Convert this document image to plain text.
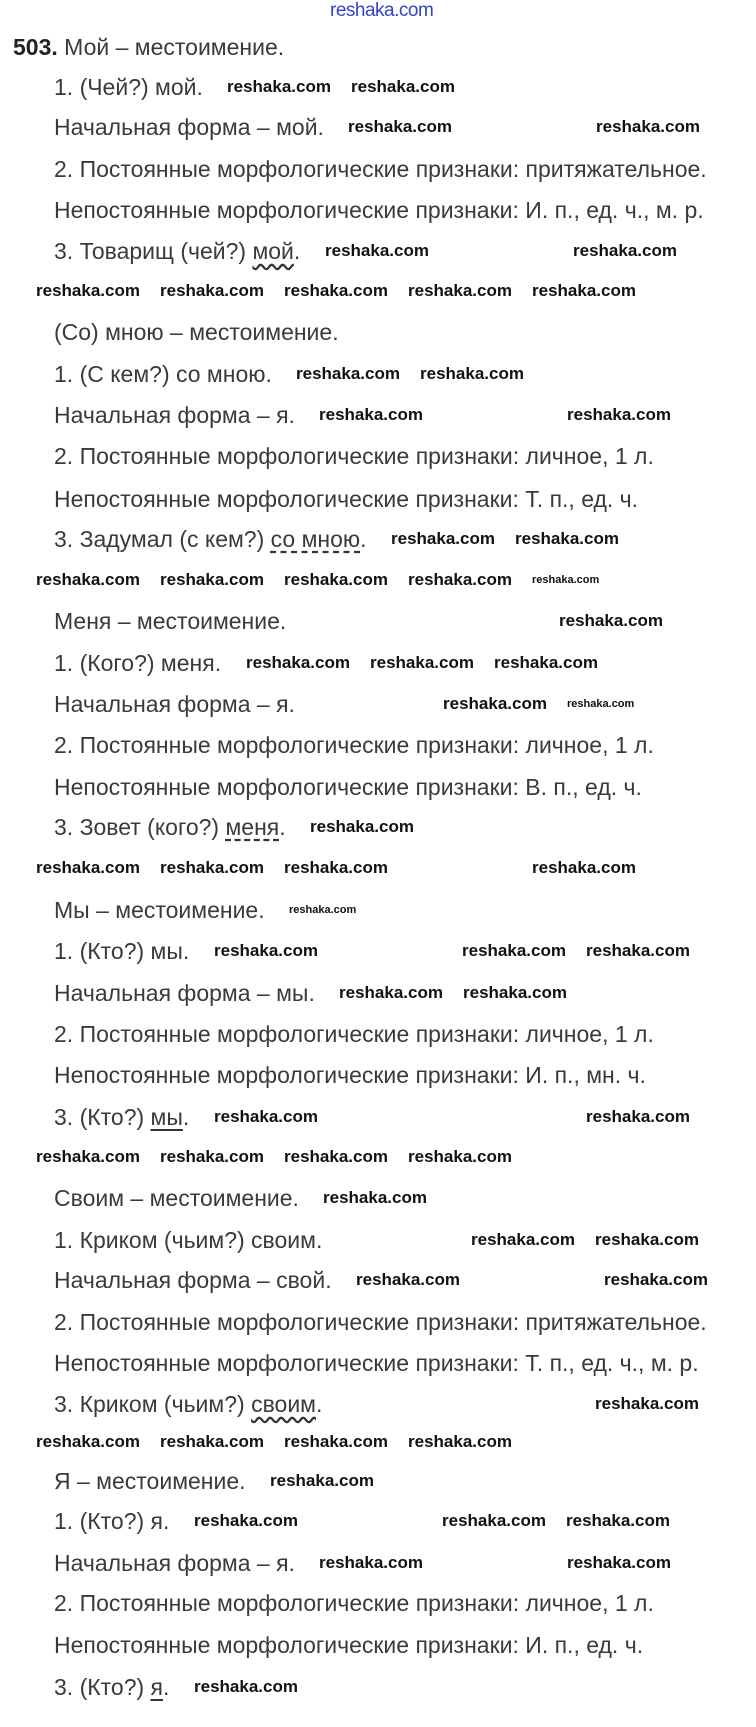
reshaka.com
503. Мой – местоимение.
1. (Чей?) мой.
Начальная форма – мой.
2. Постоянные морфологические признаки: притяжательное.
Непостоянные морфологические признаки: И. п., ед. ч., м. р.
3. Товарищ (чей?) мой.
(Со) мною – местоимение.
1. (С кем?) со мною.
Начальная форма – я.
2. Постоянные морфологические признаки: личное, 1 л.
Непостоянные морфологические признаки: Т. п., ед. ч.
3. Задумал (с кем?) со мною.
Меня – местоимение.
1. (Кого?) меня.
Начальная форма – я.
2. Постоянные морфологические признаки: личное, 1 л.
Непостоянные морфологические признаки: В. п., ед. ч.
3. Зовет (кого?) меня.
Мы – местоимение.
1. (Кто?) мы.
Начальная форма – мы.
2. Постоянные морфологические признаки: личное, 1 л.
Непостоянные морфологические признаки: И. п., мн. ч.
3. (Кто?) мы.
Своим – местоимение.
1. Криком (чьим?) своим.
Начальная форма – свой.
2. Постоянные морфологические признаки: притяжательное.
Непостоянные морфологические признаки: Т. п., ед. ч., м. р.
3. Криком (чьим?) своим.
Я – местоимение.
1. (Кто?) я.
Начальная форма – я.
2. Постоянные морфологические признаки: личное, 1 л.
Непостоянные морфологические признаки: И. п., ед. ч.
3. (Кто?) я.
reshaka.com
reshaka.com
reshaka.com
reshaka.com
reshaka.com
reshaka.com	reshaka.com
reshaka.com reshaka.com reshaka.com reshaka.com
reshaka.com
reshaka.com
reshaka.com
reshaka.com
reshaka.com
reshaka.com reshaka.com
reshaka.com
reshaka.com reshaka.com
reshaka.com
reshaka.com
reshaka.com reshaka.com
reshaka.com
reshaka.com reshaka.com
reshaka.com
reshaka.com
reshaka.com
reshaka.com	reshaka.com
reshaka.com
reshaka.com	reshaka.com
reshaka.com
reshaka.com
reshaka.com reshaka.com
reshaka.com	reshaka.com reshaka.com
reshaka.com
reshaka.com
reshaka.com reshaka.com
reshaka.com
reshaka.com	reshaka.com
reshaka.com	reshaka.com
reshaka.com
reshaka.com	reshaka.com
reshaka.com reshaka.com
reshaka.com
reshaka.com
reshaka.com	reshaka.com
reshaka.com
